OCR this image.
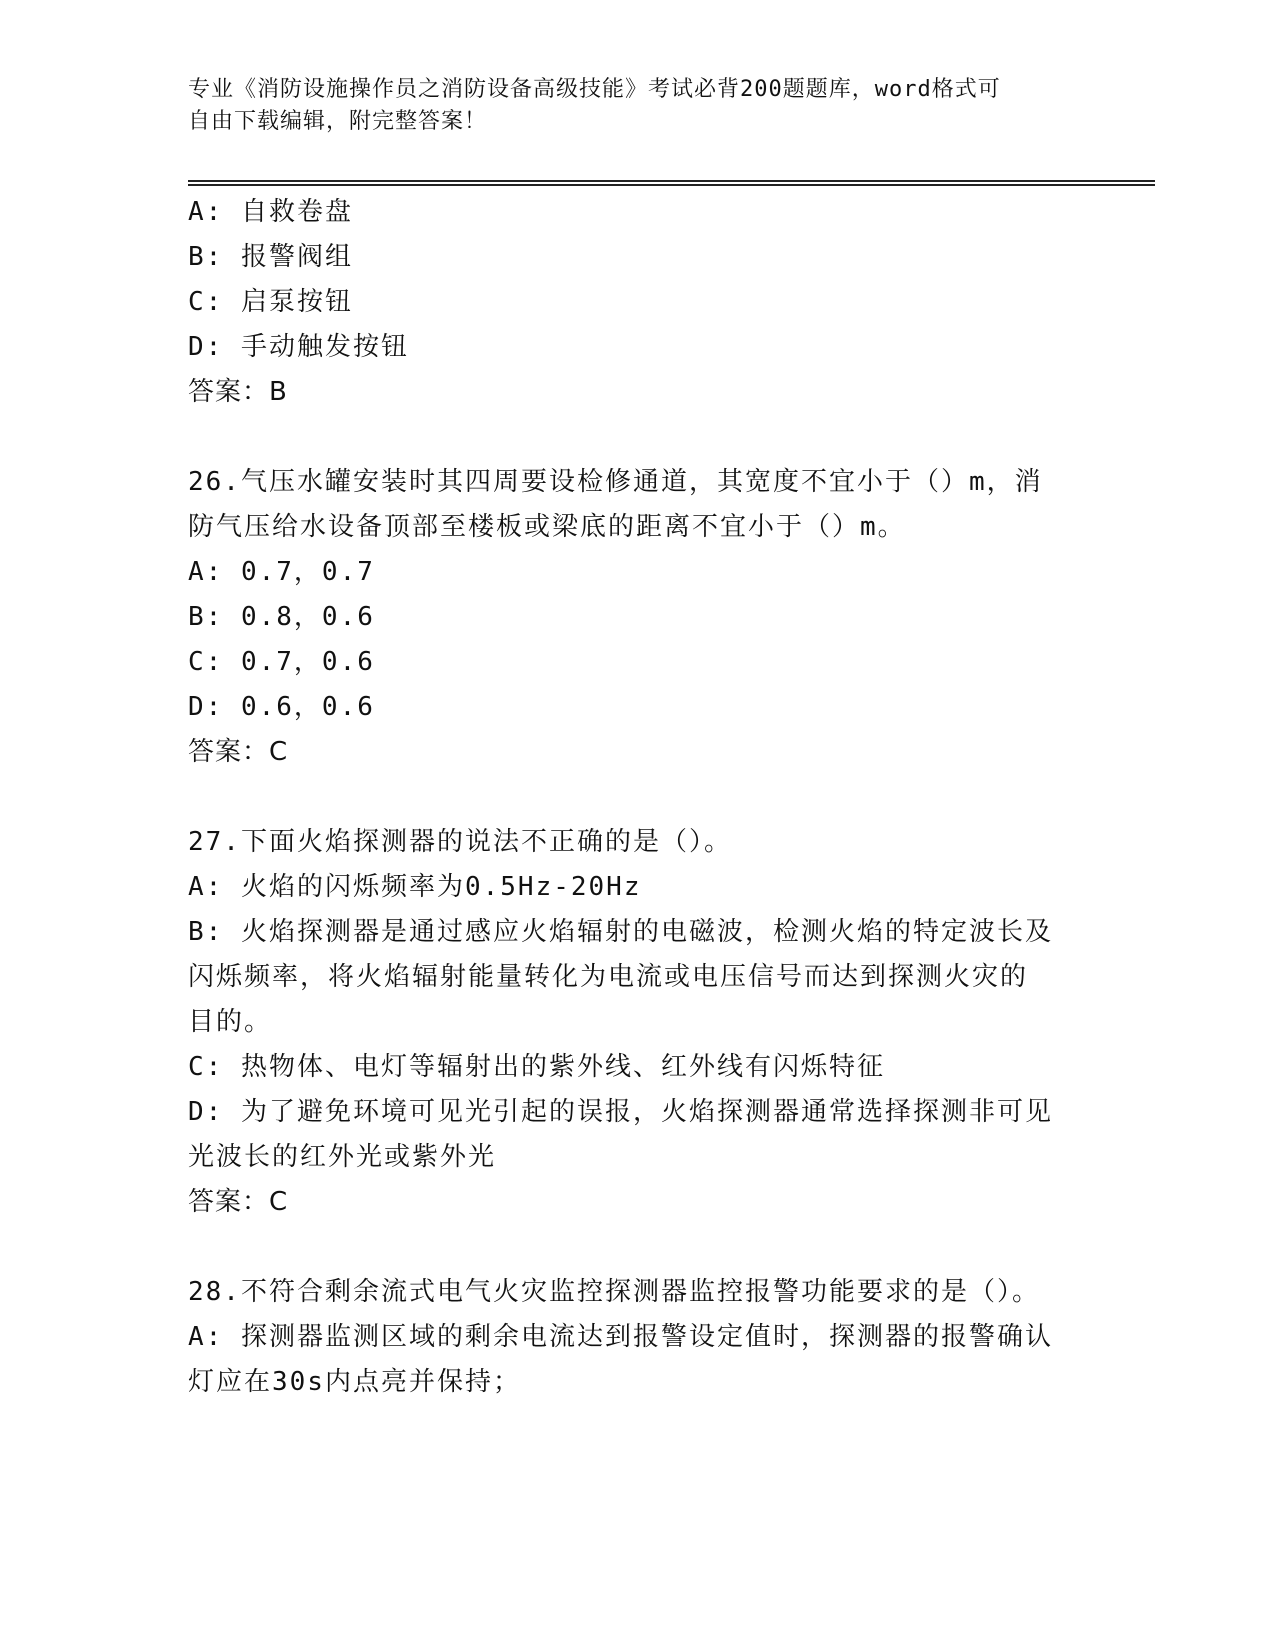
专业《消防设施操作员之消防设备高级技能》考试必背200题题库，word格式可
自由下载编辑，附完整答案！
A: 自救卷盘
B: 报警阀组
C: 启泵按钮
D: 手动触发按钮
答案：B
26.气压水罐安装时其四周要设检修通道，其宽度不宜小于（）m，消
防气压给水设备顶部至楼板或梁底的距离不宜小于（）m。
A: 0.7，0.7
B: 0.8，0.6
C: 0.7，0.6
D: 0.6，0.6
答案：C
27.下面火焰探测器的说法不正确的是（）。
A: 火焰的闪烁频率为0.5Hz-20Hz
B: 火焰探测器是通过感应火焰辐射的电磁波，检测火焰的特定波长及
闪烁频率，将火焰辐射能量转化为电流或电压信号而达到探测火灾的
目的。
C: 热物体、电灯等辐射出的紫外线、红外线有闪烁特征
D: 为了避免环境可见光引起的误报，火焰探测器通常选择探测非可见
光波长的红外光或紫外光
答案：C
28.不符合剩余流式电气火灾监控探测器监控报警功能要求的是（）。
A: 探测器监测区域的剩余电流达到报警设定值时，探测器的报警确认
灯应在30s内点亮并保持；
